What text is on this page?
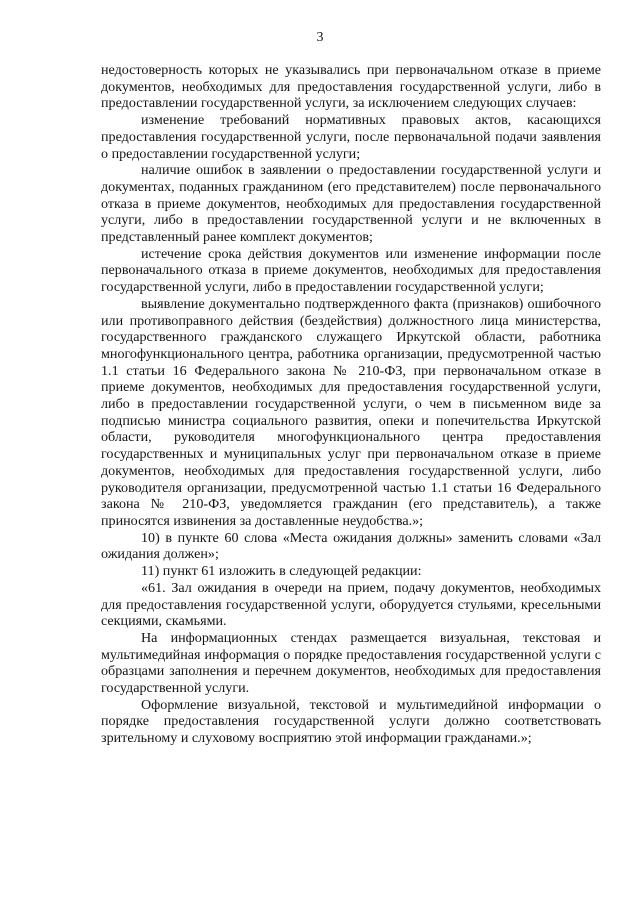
3

недостоверность которых не указывались при первоначальном отказе в приеме документов, необходимых для предоставления государственной услуги, либо в предоставлении государственной услуги, за исключением следующих случаев:

изменение требований нормативных правовых актов, касающихся предоставления государственной услуги, после первоначальной подачи заявления о предоставлении государственной услуги;

наличие ошибок в заявлении о предоставлении государственной услуги и документах, поданных гражданином (его представителем) после первоначального отказа в приеме документов, необходимых для предоставления государственной услуги, либо в предоставлении государственной услуги и не включенных в представленный ранее комплект документов;

истечение срока действия документов или изменение информации после первоначального отказа в приеме документов, необходимых для предоставления государственной услуги, либо в предоставлении государственной услуги;

выявление документально подтвержденного факта (признаков) ошибочного или противоправного действия (бездействия) должностного лица министерства, государственного гражданского служащего Иркутской области, работника многофункционального центра, работника организации, предусмотренной частью 1.1 статьи 16 Федерального закона № 210-ФЗ, при первоначальном отказе в приеме документов, необходимых для предоставления государственной услуги, либо в предоставлении государственной услуги, о чем в письменном виде за подписью министра социального развития, опеки и попечительства Иркутской области, руководителя многофункционального центра предоставления государственных и муниципальных услуг при первоначальном отказе в приеме документов, необходимых для предоставления государственной услуги, либо руководителя организации, предусмотренной частью 1.1 статьи 16 Федерального закона № 210-ФЗ, уведомляется гражданин (его представитель), а также приносятся извинения за доставленные неудобства.»;

10) в пункте 60 слова «Места ожидания должны» заменить словами «Зал ожидания должен»;

11) пункт 61 изложить в следующей редакции:

«61. Зал ожидания в очереди на прием, подачу документов, необходимых для предоставления государственной услуги, оборудуется стульями, кресельными секциями, скамьями.

На информационных стендах размещается визуальная, текстовая и мультимедийная информация о порядке предоставления государственной услуги с образцами заполнения и перечнем документов, необходимых для предоставления государственной услуги.

Оформление визуальной, текстовой и мультимедийной информации о порядке предоставления государственной услуги должно соответствовать зрительному и слуховому восприятию этой информации гражданами.»;
